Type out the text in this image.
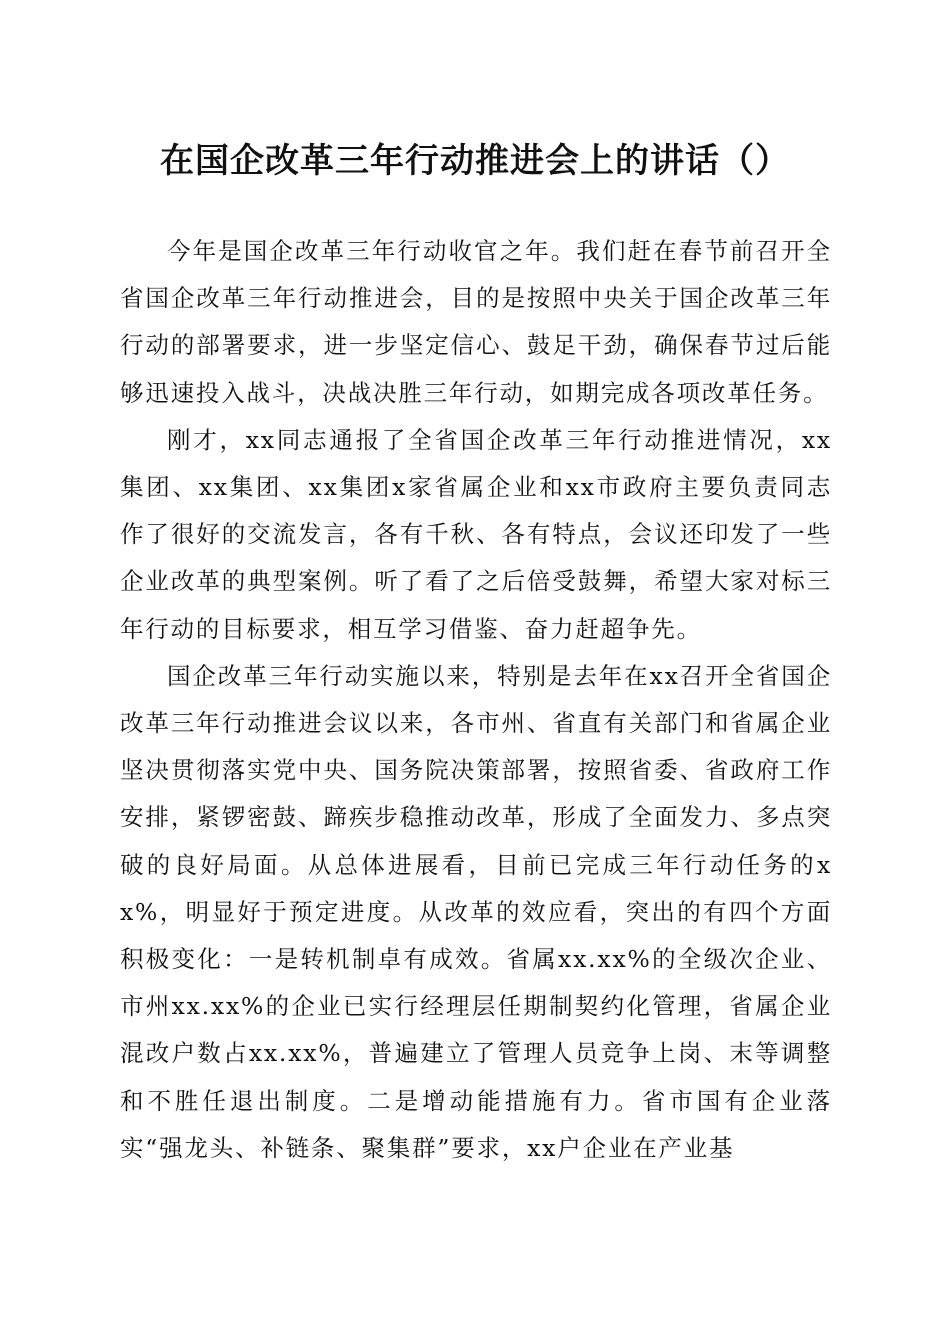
在国企改革三年行动推进会上的讲话（）

今年是国企改革三年行动收官之年。我们赶在春节前召开全省国企改革三年行动推进会，目的是按照中央关于国企改革三年行动的部署要求，进一步坚定信心、鼓足干劲，确保春节过后能够迅速投入战斗，决战决胜三年行动，如期完成各项改革任务。

刚才，xx同志通报了全省国企改革三年行动推进情况，xx集团、xx集团、xx集团x家省属企业和xx市政府主要负责同志作了很好的交流发言，各有千秋、各有特点，会议还印发了一些企业改革的典型案例。听了看了之后倍受鼓舞，希望大家对标三年行动的目标要求，相互学习借鉴、奋力赶超争先。

国企改革三年行动实施以来，特别是去年在xx召开全省国企改革三年行动推进会议以来，各市州、省直有关部门和省属企业坚决贯彻落实党中央、国务院决策部署，按照省委、省政府工作安排，紧锣密鼓、蹄疾步稳推动改革，形成了全面发力、多点突破的良好局面。从总体进展看，目前已完成三年行动任务的xx%，明显好于预定进度。从改革的效应看，突出的有四个方面积极变化：一是转机制卓有成效。省属xx.xx%的全级次企业、市州xx.xx%的企业已实行经理层任期制契约化管理，省属企业混改户数占xx.xx%，普遍建立了管理人员竞争上岗、末等调整和不胜任退出制度。二是增动能措施有力。省市国有企业落实“强龙头、补链条、聚集群”要求，xx户企业在产业基
